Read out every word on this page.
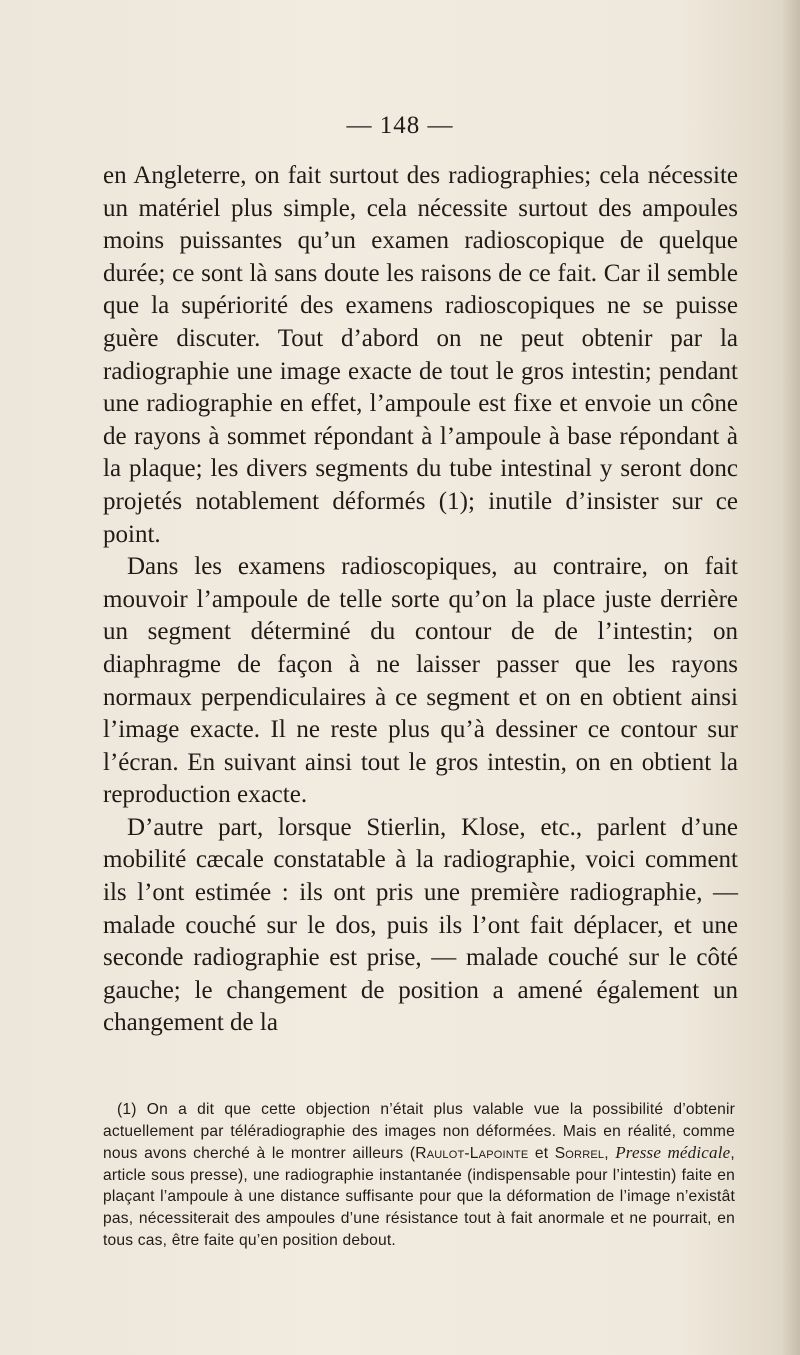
— 148 —

en Angleterre, on fait surtout des radiographies; cela nécessite un matériel plus simple, cela nécessite surtout des ampoules moins puissantes qu’un examen radioscopique de quelque durée; ce sont là sans doute les raisons de ce fait. Car il semble que la supériorité des examens radioscopiques ne se puisse guère discuter. Tout d’abord on ne peut obtenir par la radiographie une image exacte de tout le gros intestin; pendant une radiographie en effet, l’ampoule est fixe et envoie un cône de rayons à sommet répondant à l’ampoule à base répondant à la plaque; les divers segments du tube intestinal y seront donc projetés notablement déformés (1); inutile d’insister sur ce point.

Dans les examens radioscopiques, au contraire, on fait mouvoir l’ampoule de telle sorte qu’on la place juste derrière un segment déterminé du contour de de l’intestin; on diaphragme de façon à ne laisser passer que les rayons normaux perpendiculaires à ce segment et on en obtient ainsi l’image exacte. Il ne reste plus qu’à dessiner ce contour sur l’écran. En suivant ainsi tout le gros intestin, on en obtient la reproduction exacte.

D’autre part, lorsque Stierlin, Klose, etc., parlent d’une mobilité cæcale constatable à la radiographie, voici comment ils l’ont estimée : ils ont pris une première radiographie, — malade couché sur le dos, puis ils l’ont fait déplacer, et une seconde radiographie est prise, — malade couché sur le côté gauche; le changement de position a amené également un changement de la

(1) On a dit que cette objection n’était plus valable vue la possibilité d’obtenir actuellement par téléradiographie des images non déformées. Mais en réalité, comme nous avons cherché à le montrer ailleurs (Raulot-Lapointe et Sorrel, Presse médicale, article sous presse), une radiographie instantanée (indispensable pour l’intestin) faite en plaçant l’ampoule à une distance suffisante pour que la déformation de l’image n’existât pas, nécessiterait des ampoules d’une résistance tout à fait anormale et ne pourrait, en tous cas, être faite qu’en position debout.
